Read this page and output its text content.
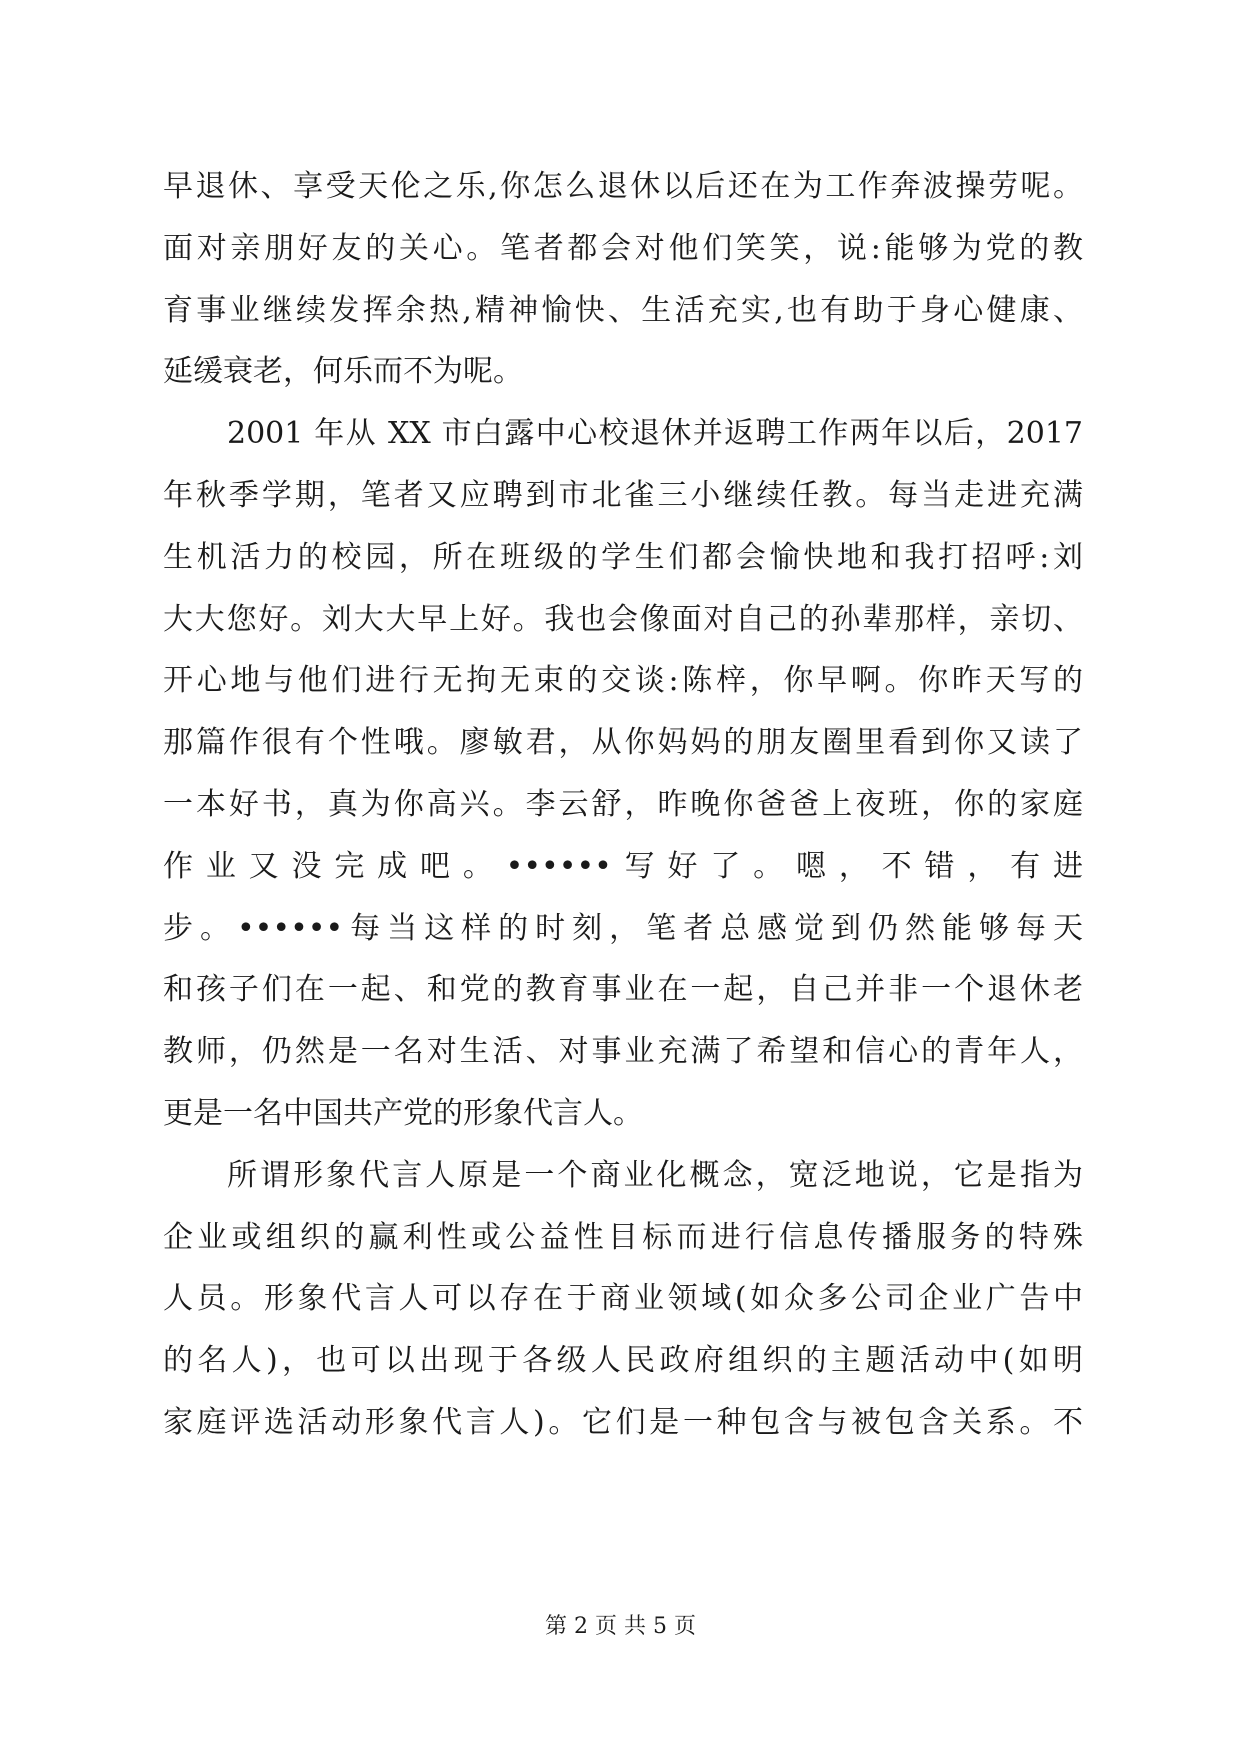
早退休、享受天伦之乐,你怎么退休以后还在为工作奔波操劳呢。
面对亲朋好友的关心。笔者都会对他们笑笑，说:能够为党的教
育事业继续发挥余热,精神愉快、生活充实,也有助于身心健康、
延缓衰老，何乐而不为呢。
2001 年从 XX 市白露中心校退休并返聘工作两年以后，2017
年秋季学期，笔者又应聘到市北雀三小继续任教。每当走进充满
生机活力的校园，所在班级的学生们都会愉快地和我打招呼:刘
大大您好。刘大大早上好。我也会像面对自己的孙辈那样，亲切、
开心地与他们进行无拘无束的交谈:陈梓，你早啊。你昨天写的
那篇作很有个性哦。廖敏君，从你妈妈的朋友圈里看到你又读了
一本好书，真为你高兴。李云舒，昨晚你爸爸上夜班，你的家庭
作业又没完成吧。••••••写好了。嗯，不错，有进
步。••••••每当这样的时刻，笔者总感觉到仍然能够每天
和孩子们在一起、和党的教育事业在一起，自己并非一个退休老
教师，仍然是一名对生活、对事业充满了希望和信心的青年人，
更是一名中国共产党的形象代言人。
所谓形象代言人原是一个商业化概念，宽泛地说，它是指为
企业或组织的赢利性或公益性目标而进行信息传播服务的特殊
人员。形象代言人可以存在于商业领域(如众多公司企业广告中
的名人)，也可以出现于各级人民政府组织的主题活动中(如明
家庭评选活动形象代言人)。它们是一种包含与被包含关系。不
第 2 页 共 5 页
